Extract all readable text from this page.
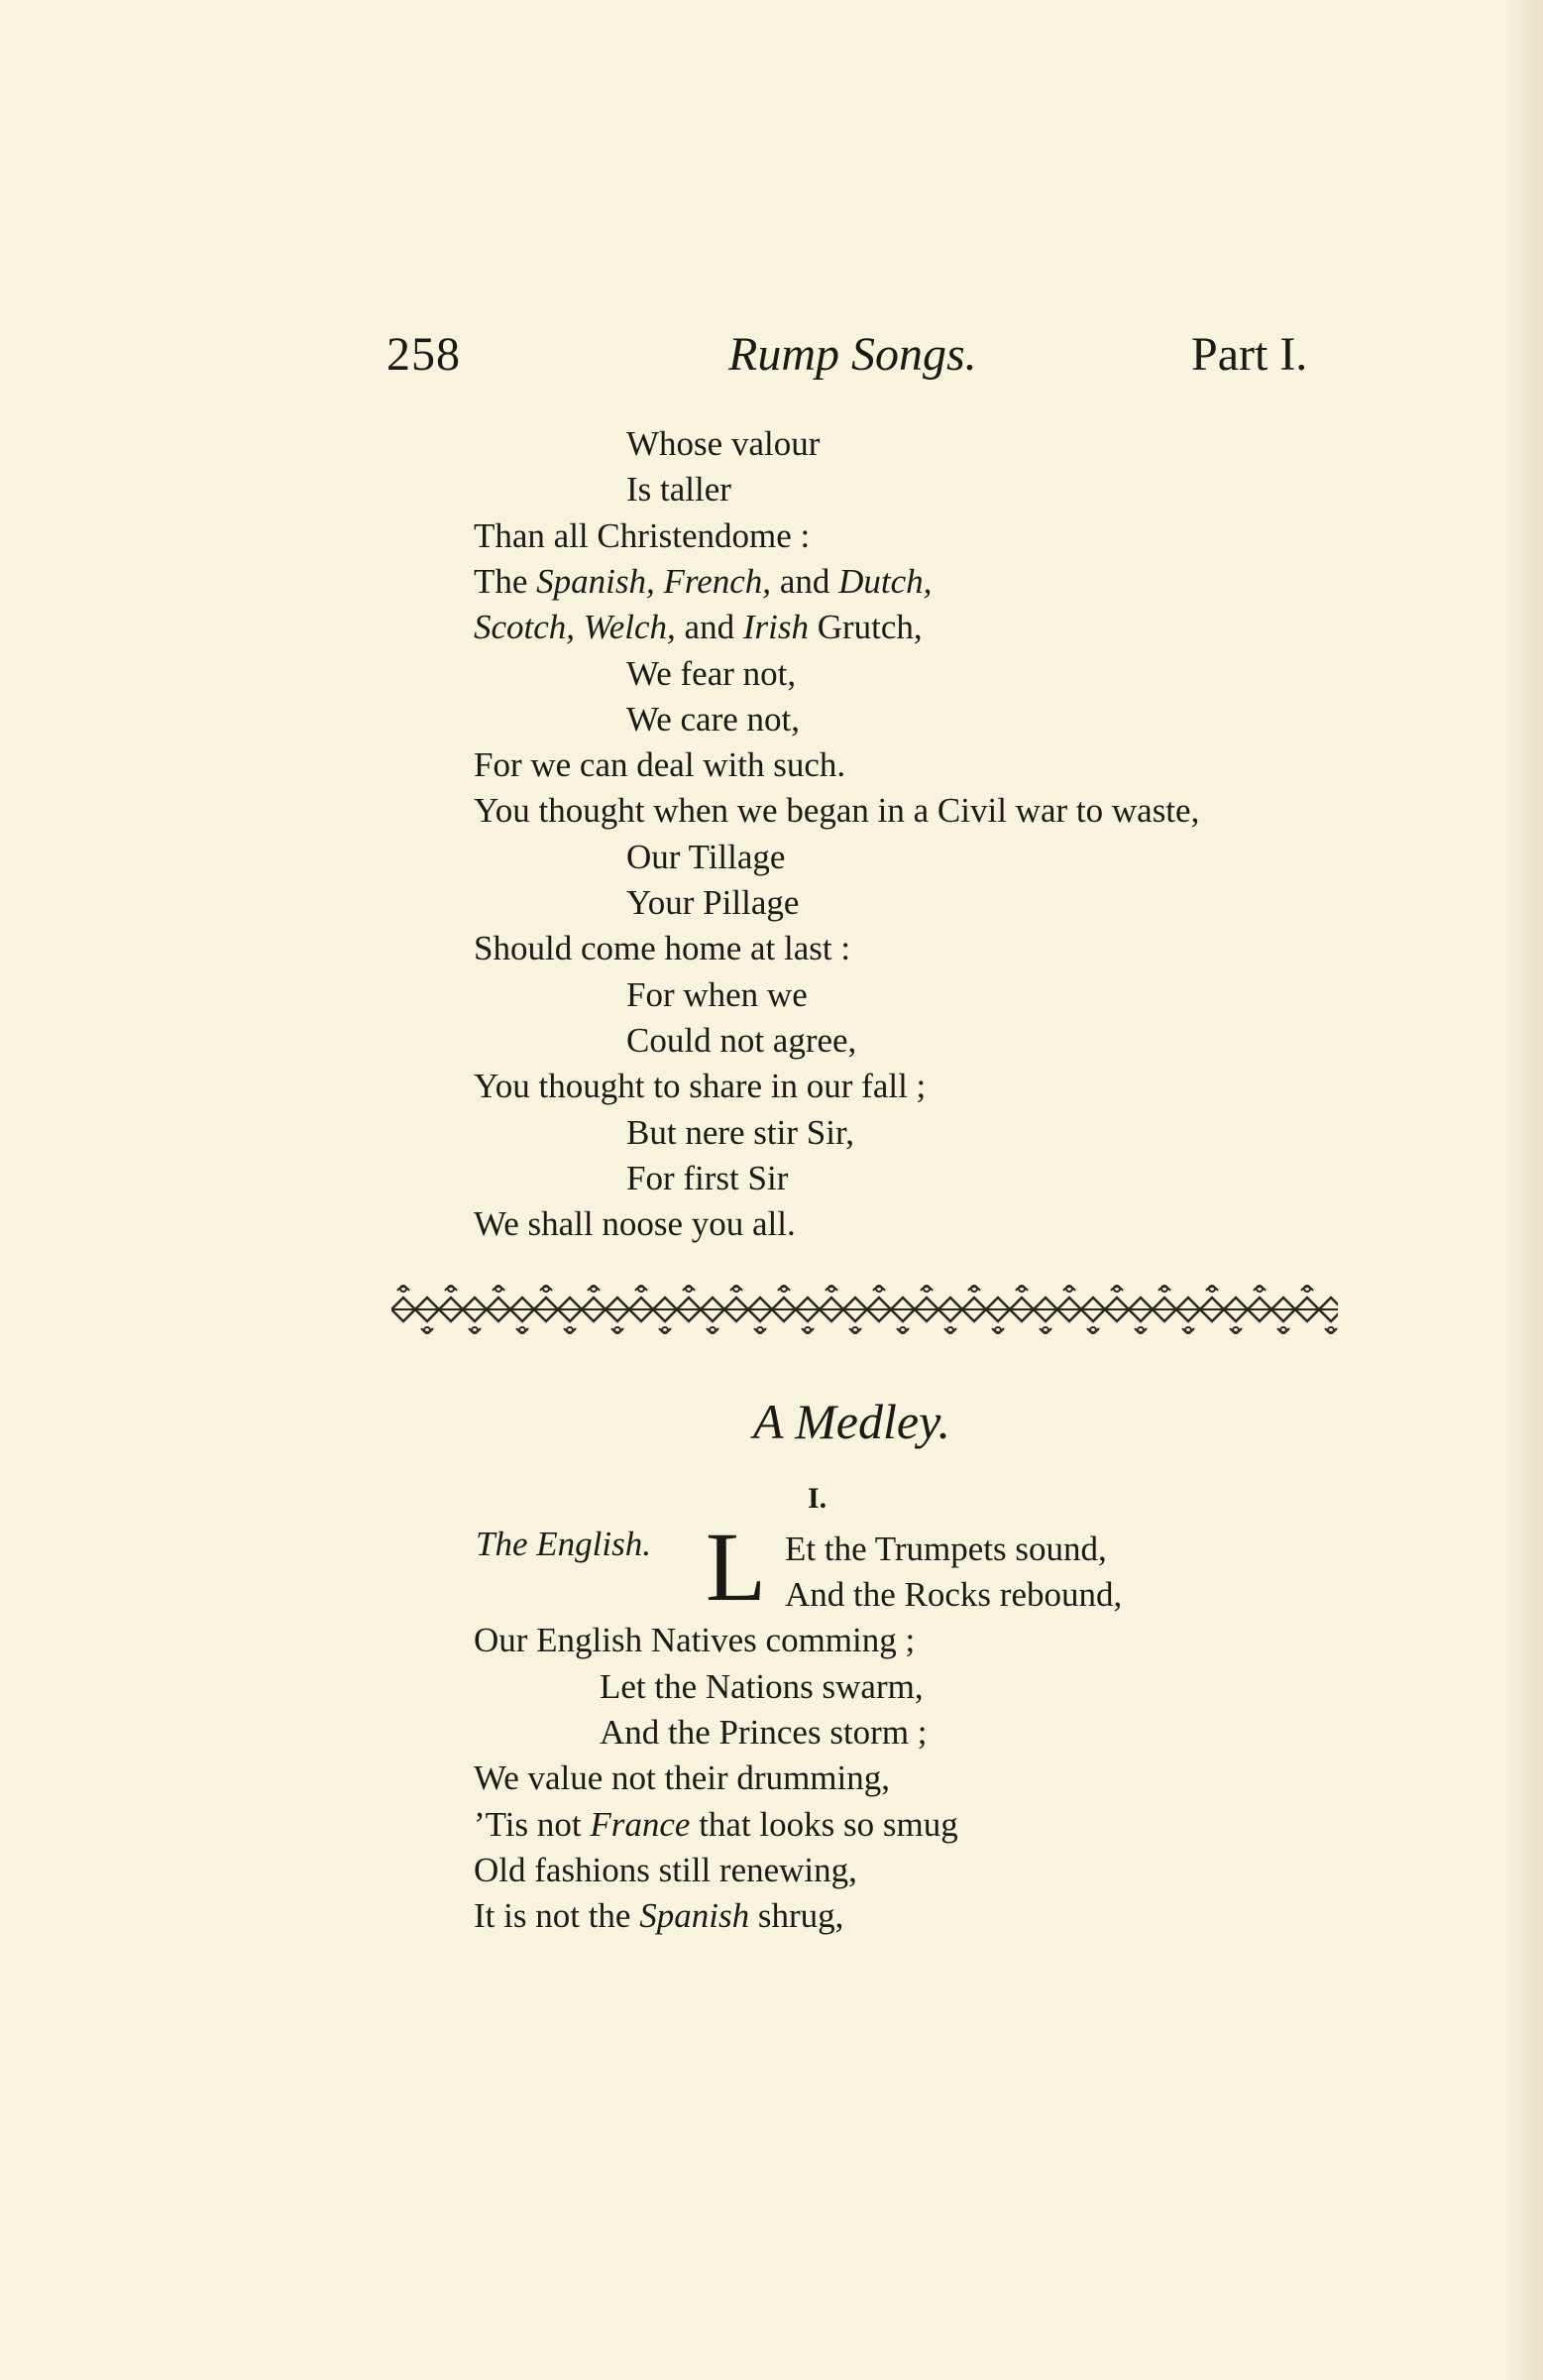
258	Rump Songs.	Part I.
Whose valour
Is taller
Than all Christendome :
The Spanish, French, and Dutch,
Scotch, Welch, and Irish Grutch,
We fear not,
We care not,
For we can deal with such.
You thought when we began in a Civil war to waste,
Our Tillage
Your Pillage
Should come home at last :
For when we
Could not agree,
You thought to share in our fall ;
But nere stir Sir,
For first Sir
We shall noose you all.
A Medley.
I.
The English. L Et the Trumpets sound,
And the Rocks rebound,
Our English Natives comming ;
Let the Nations swarm,
And the Princes storm ;
We value not their drumming,
’Tis not France that looks so smug
Old fashions still renewing,
It is not the Spanish shrug,
